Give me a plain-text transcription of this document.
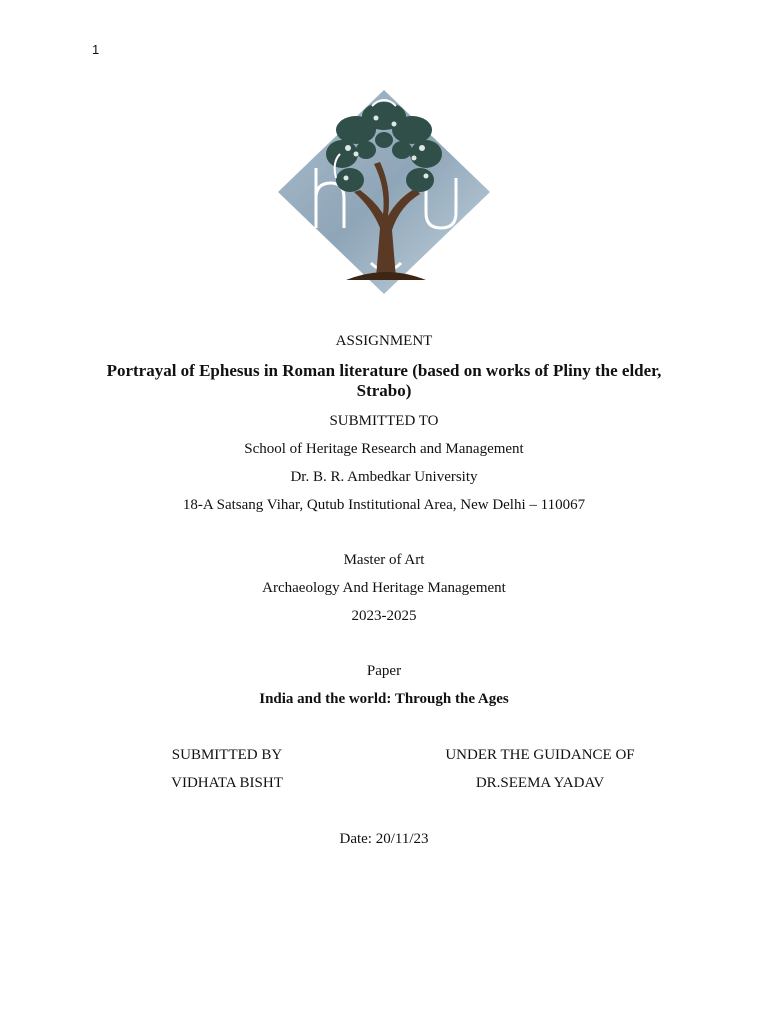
1
ASSIGNMENT
Portrayal of Ephesus in Roman literature (based on works of Pliny the elder, Strabo)
SUBMITTED TO
School of Heritage Research and Management
Dr. B. R. Ambedkar University
18-A Satsang Vihar, Qutub Institutional Area, New Delhi – 110067
Master of Art
Archaeology And Heritage Management
2023-2025
Paper
India and the world: Through the Ages
SUBMITTED BY
VIDHATA BISHT
UNDER THE GUIDANCE OF
DR.SEEMA YADAV
Date: 20/11/23
